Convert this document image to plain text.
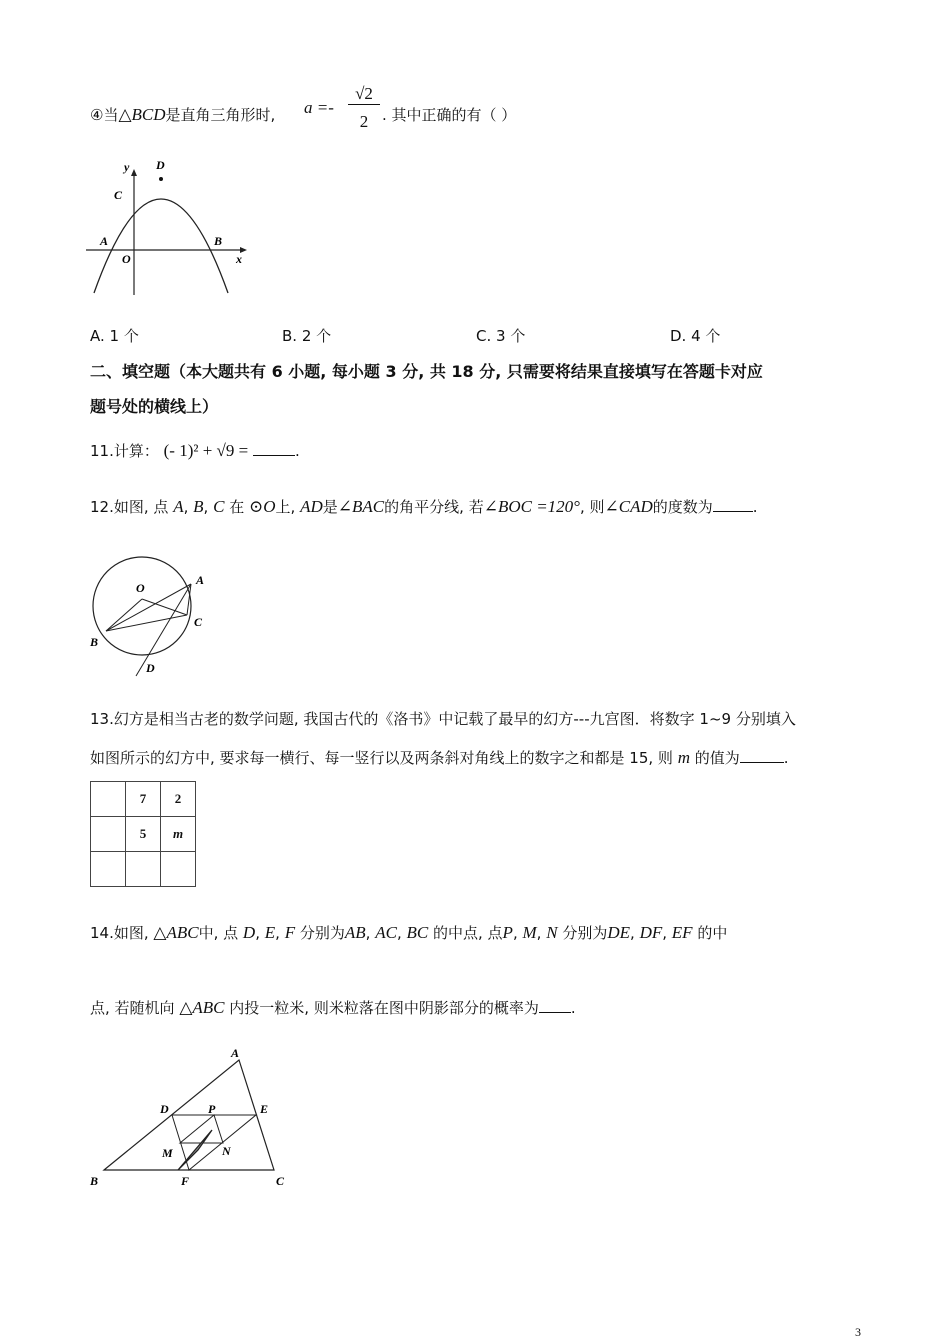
④当△BCD是直角三角形时, a =-
√2
2 . 其中正确的有（ ）
y D
C
A
O
B
x
A. 1 个	B. 2 个	C. 3 个	D. 4 个
二、填空题（本大题共有 6 小题, 每小题 3 分, 共 18 分, 只需要将结果直接填写在答题卡对应
题号处的横线上）
11.计算： (- 1)² + √9 =	.
12.如图, 点 A, B, C 在 ⊙O上, AD是∠BAC的角平分线, 若∠BOC =120°, 则∠CAD的度数为	.
O
A
B
C
D
13.幻方是相当古老的数学问题, 我国古代的《洛书》中记载了最早的幻方---九宫图．将数字 1~9 分别填入
如图所示的幻方中, 要求每一横行、每一竖行以及两条斜对角线上的数字之和都是 15, 则 m 的值为	.
	7	2
	5	m

14.如图, △ABC中, 点 D, E, F 分别为AB, AC, BC 的中点, 点P, M, N 分别为DE, DF, EF 的中
点, 若随机向 △ABC 内投一粒米, 则米粒落在图中阴影部分的概率为 .
A
D	P	E
M	N
B	F	C
3
